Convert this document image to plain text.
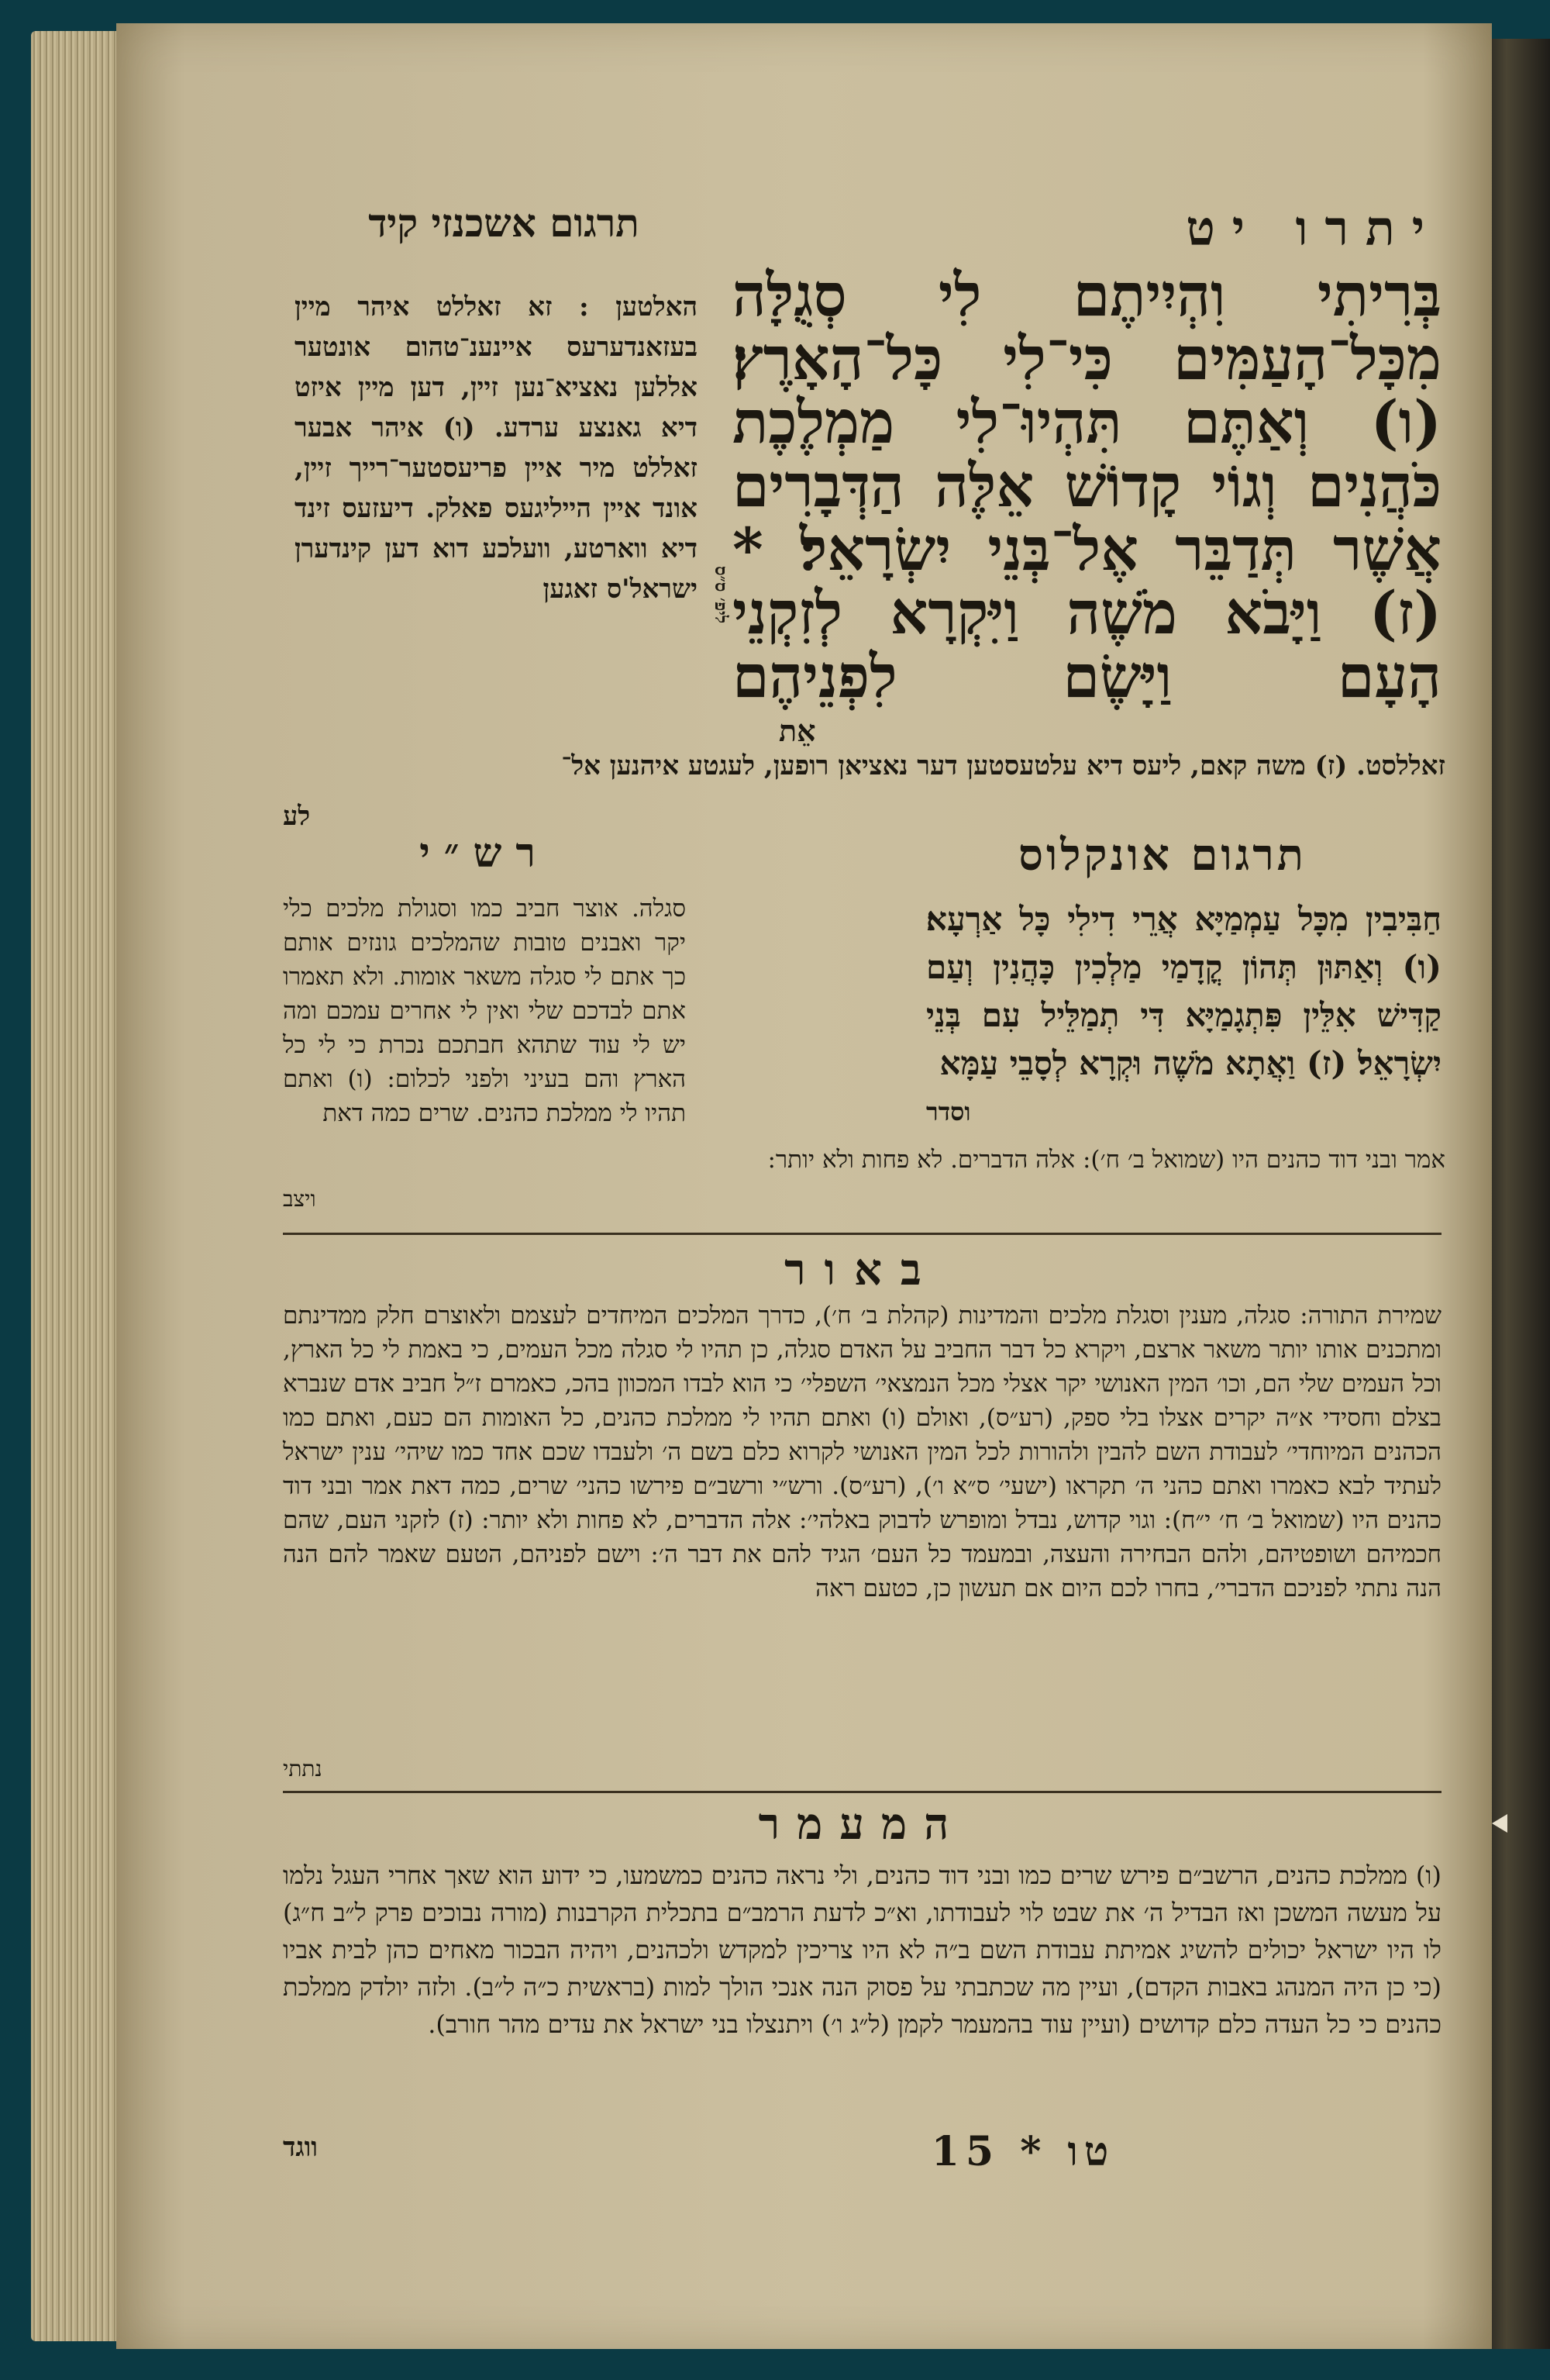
יתרו יט
תרגום אשכנזי קיד
בְּרִיתִי וִהְיִיתֶם לִי סְגֻלָּה מִכָּל־הָעַמִּים כִּי־לִי כָּל־הָאָרֶץ׃ (ו) וְאַתֶּם תִּהְיוּ־לִי מַמְלֶכֶת כֹּהֲנִים וְגוֹי קָדוֹשׁ אֵלֶּה הַדְּבָרִים אֲשֶׁר תְּדַבֵּר אֶל־בְּנֵי יִשְׂרָאֵל׃ * (ז) וַיָּבֹא מֹשֶׁה וַיִּקְרָא לְזִקְנֵי הָעָם וַיָּשֶׂם לִפְנֵיהֶם
אֵת
האלטען : זא זאללט איהר מיין בעזאנדערעס איינענ־טהום אונטער אללען נאציא־נען זיין, דען מיין איזט דיא גאנצע ערדע. (ו) איהר אבער זאללט מיר איין פריעסטער־רייך זיין, אונד איין הייליגעס פאלק. דיעזעס זינד דיא ווארטע, וועלכע דוא דען קינדערן ישראל'ס זאגען ליפ׳ ס״ס
זאללסט. (ז) משה קאם, ליעס דיא עלטעסטען דער נאציאן רופען, לעגטע איהנען אל־
לע
תרגום אונקלוס
רש״י
חַבִּיבִין מִכָּל עַמְמַיָּא אֲרֵי דִילִי כָּל אַרְעָא׃ (ו) וְאַתּוּן תְּהוֹן קֳדָמַי מַלְכִין כָּהֲנִין וְעַם קַדִּישׁ אִלֵּין פִּתְגָמַיָּא דִּי תְמַלֵּיל עִם בְּנֵי יִשְׂרָאֵל׃ (ז) וַאֲתָא מֹשֶׁה וּקְרָא לְסָבֵי עַמָּא
וסדר
סגלה. אוצר חביב כמו וסגולת מלכים כלי יקר ואבנים טובות שהמלכים גונזים אותם כך אתם לי סגלה משאר אומות. ולא תאמרו אתם לבדכם שלי ואין לי אחרים עמכם ומה יש לי עוד שתהא חבתכם נכרת כי לי כל הארץ והם בעיני ולפני לכלום: (ו) ואתם תהיו לי ממלכת כהנים. שרים כמה דאת
אמר ובני דוד כהנים היו (שמואל ב׳ ח׳): אלה הדברים. לא פחות ולא יותר:
ויצב
באור
שמירת התורה: סגלה, מענין וסגלת מלכים והמדינות (קהלת ב׳ ח׳), כדרך המלכים המיחדים לעצמם ולאוצרם חלק ממדינתם ומתכנים אותו יותר משאר ארצם, ויקרא כל דבר החביב על האדם סגלה, כן תהיו לי סגלה מכל העמים, כי באמת לי כל הארץ, וכל העמים שלי הם, וכו׳ המין האנושי יקר אצלי מכל הנמצאי׳ השפלי׳ כי הוא לבדו המכוון בהכ, כאמרם ז״ל חביב אדם שנברא בצלם וחסידי א״ה יקרים אצלו בלי ספק, (רע״ס), ואולם (ו) ואתם תהיו לי ממלכת כהנים, כל האומות הם כעם, ואתם כמו הכהנים המיוחדי׳ לעבודת השם להבין ולהורות לכל המין האנושי לקרוא כלם בשם ה׳ ולעבדו שכם אחד כמו שיהי׳ ענין ישראל לעתיד לבא כאמרו ואתם כהני ה׳ תקראו (ישעי׳ ס״א ו׳), (רע״ס). ורש״י ורשב״ם פירשו כהני׳ שרים, כמה דאת אמר ובני דוד כהנים היו (שמואל ב׳ ח׳ י״ח): וגוי קדוש, נבדל ומופרש לדבוק באלהי׳: אלה הדברים, לא פחות ולא יותר: (ז) לזקני העם, שהם חכמיהם ושופטיהם, ולהם הבחירה והעצה, ובמעמד כל העם׳ הגיד להם את דבר ה׳: וישם לפניהם, הטעם שאמר להם הנה הנה נתתי לפניכם הדברי׳, בחרו לכם היום אם תעשון כן, כטעם ראה
נתתי
המעמר
(ו) ממלכת כהנים, הרשב״ם פירש שרים כמו ובני דוד כהנים, ולי נראה כהנים כמשמעו, כי ידוע הוא שאך אחרי העגל נלמו על מעשה המשכן ואז הבדיל ה׳ את שבט לוי לעבודתו, וא״כ לדעת הרמב״ם בתכלית הקרבנות (מורה נבוכים פרק ל״ב ח״ג) לו היו ישראל יכולים להשיג אמיתת עבודת השם ב״ה לא היו צריכין למקדש ולכהנים, ויהיה הבכור מאחים כהן לבית אביו (כי כן היה המנהג באבות הקדם), ועיין מה שכתבתי על פסוק הנה אנכי הולך למות (בראשית כ״ה ל״ב). ולזה יולדק ממלכת כהנים כי כל העדה כלם קדושים (ועיין עוד בהמעמר לקמן (ל״ג ו׳) ויתנצלו בני ישראל את עדים מהר חורב).
טו * 15
ווגד
